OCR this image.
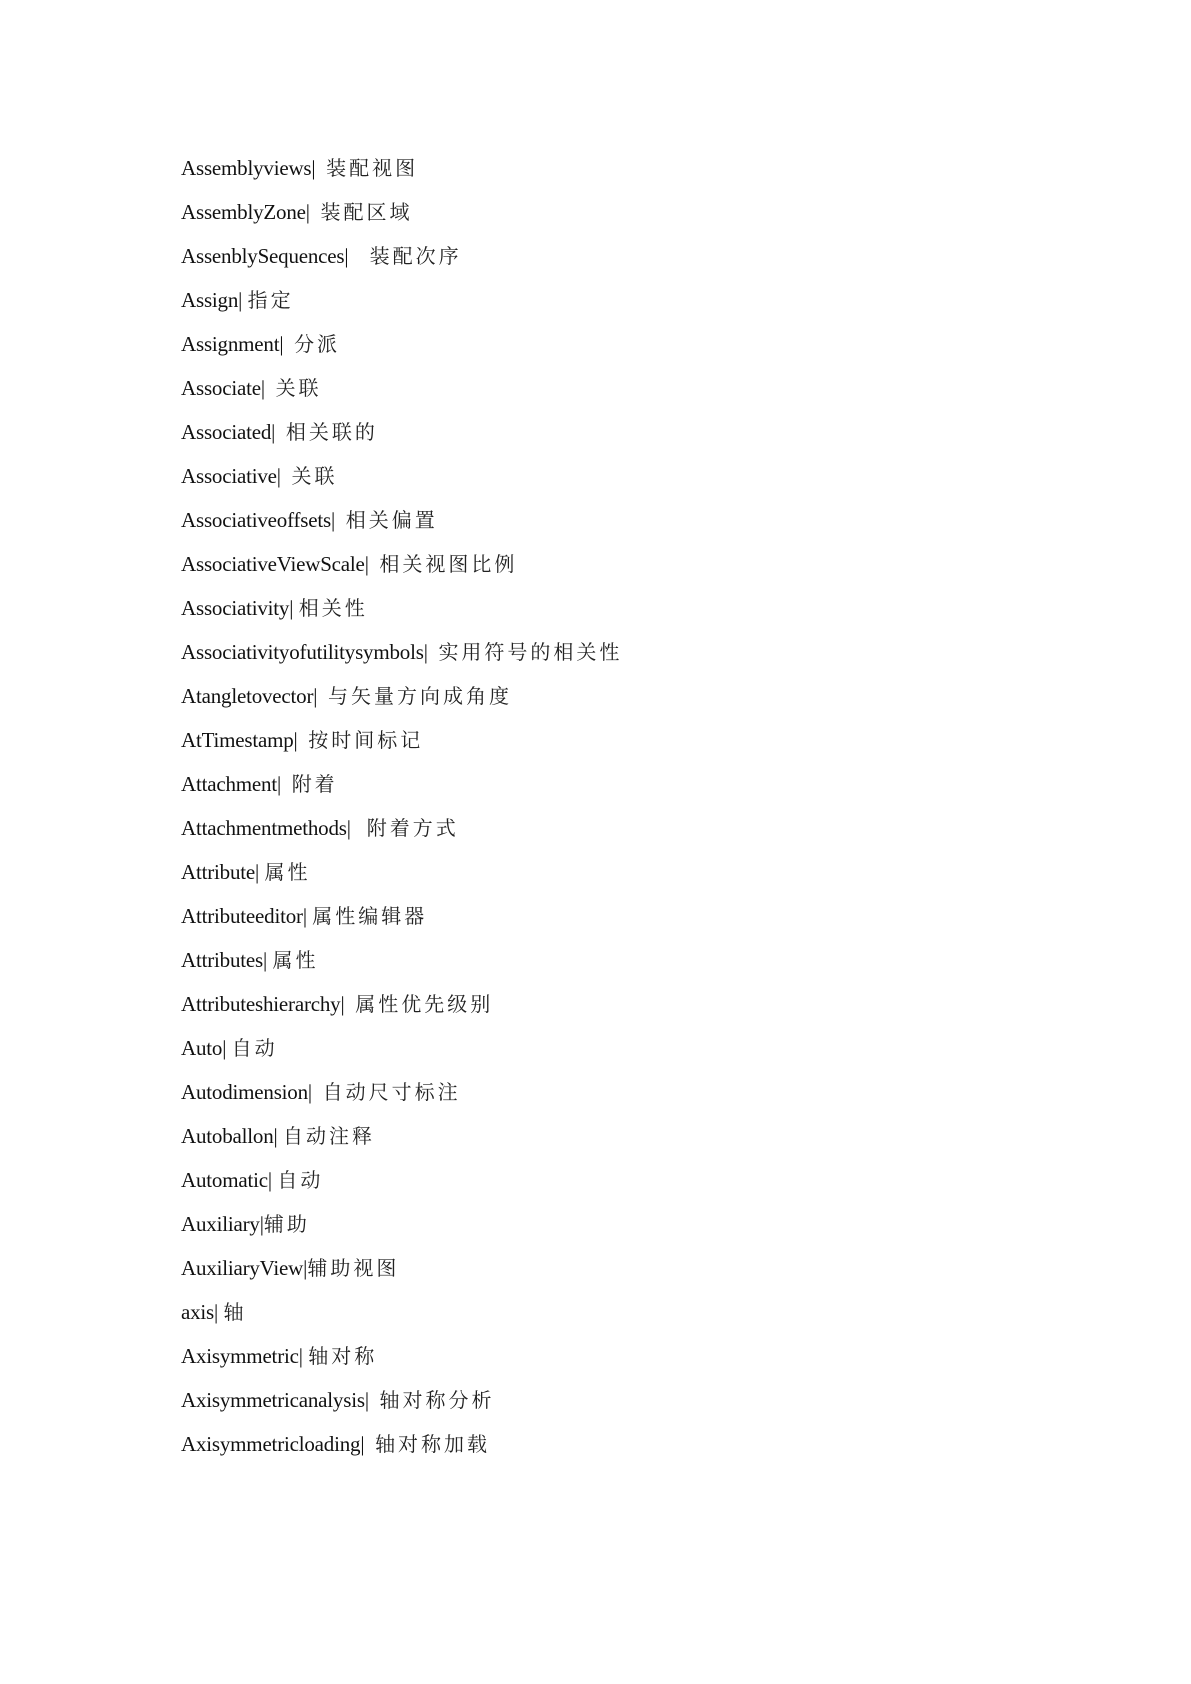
Assemblyviews|  装配视图
AssemblyZone|  装配区域
AssenblySequences|    装配次序
Assign| 指定
Assignment|  分派
Associate|  关联
Associated|  相关联的
Associative|  关联
Associativeoffsets|  相关偏置
AssociativeViewScale|  相关视图比例
Associativity| 相关性
Associativityofutilitysymbols|  实用符号的相关性
Atangletovector|  与矢量方向成角度
AtTimestamp|  按时间标记
Attachment|  附着
Attachmentmethods|   附着方式
Attribute| 属性
Attributeeditor| 属性编辑器
Attributes| 属性
Attributeshierarchy|  属性优先级别
Auto| 自动
Autodimension|  自动尺寸标注
Autoballon| 自动注释
Automatic| 自动
Auxiliary|辅助
AuxiliaryView|辅助视图
axis| 轴
Axisymmetric| 轴对称
Axisymmetricanalysis|  轴对称分析
Axisymmetricloading|  轴对称加载
